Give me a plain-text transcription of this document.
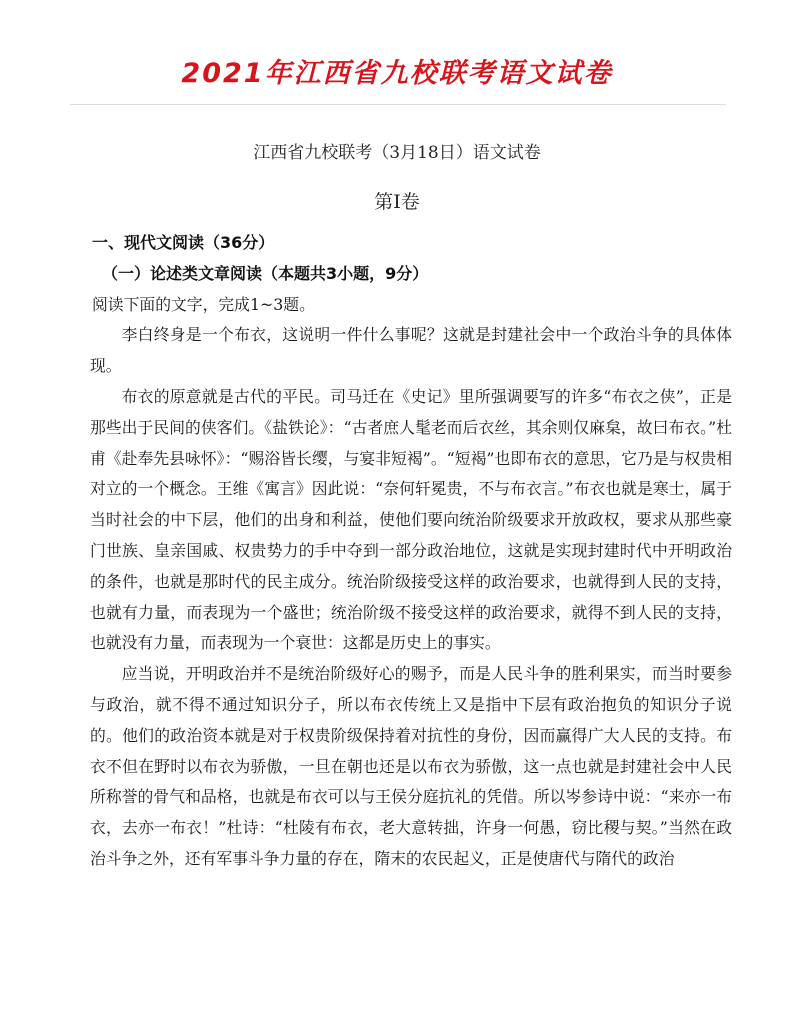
2021年江西省九校联考语文试卷

江西省九校联考（3月18日）语文试卷

第Ⅰ卷

一、现代文阅读（36分）

（一）论述类文章阅读（本题共3小题，9分）

阅读下面的文字，完成1~3题。

李白终身是一个布衣，这说明一件什么事呢？这就是封建社会中一个政治斗争的具体体现。

布衣的原意就是古代的平民。司马迁在《史记》里所强调要写的许多“布衣之侠”，正是那些出于民间的侠客们。《盐铁论》：“古者庶人髦老而后衣丝，其余则仅麻枲，故曰布衣。”杜甫《赴奉先县咏怀》：“赐浴皆长缨，与宴非短褐”。“短褐”也即布衣的意思，它乃是与权贵相对立的一个概念。王维《寓言》因此说：“奈何轩冕贵，不与布衣言。”布衣也就是寒士，属于当时社会的中下层，他们的出身和利益，使他们要向统治阶级要求开放政权，要求从那些豪门世族、皇亲国戚、权贵势力的手中夺到一部分政治地位，这就是实现封建时代中开明政治的条件，也就是那时代的民主成分。统治阶级接受这样的政治要求，也就得到人民的支持，也就有力量，而表现为一个盛世；统治阶级不接受这样的政治要求，就得不到人民的支持，也就没有力量，而表现为一个衰世：这都是历史上的事实。

应当说，开明政治并不是统治阶级好心的赐予，而是人民斗争的胜利果实，而当时要参与政治，就不得不通过知识分子，所以布衣传统上又是指中下层有政治抱负的知识分子说的。他们的政治资本就是对于权贵阶级保持着对抗性的身份，因而赢得广大人民的支持。布衣不但在野时以布衣为骄傲，一旦在朝也还是以布衣为骄傲，这一点也就是封建社会中人民所称誉的骨气和品格，也就是布衣可以与王侯分庭抗礼的凭借。所以岑参诗中说：“来亦一布衣，去亦一布衣！”杜诗：“杜陵有布衣，老大意转拙，许身一何愚，窃比稷与契。”当然在政治斗争之外，还有军事斗争力量的存在，隋末的农民起义，正是使唐代与隋代的政治
